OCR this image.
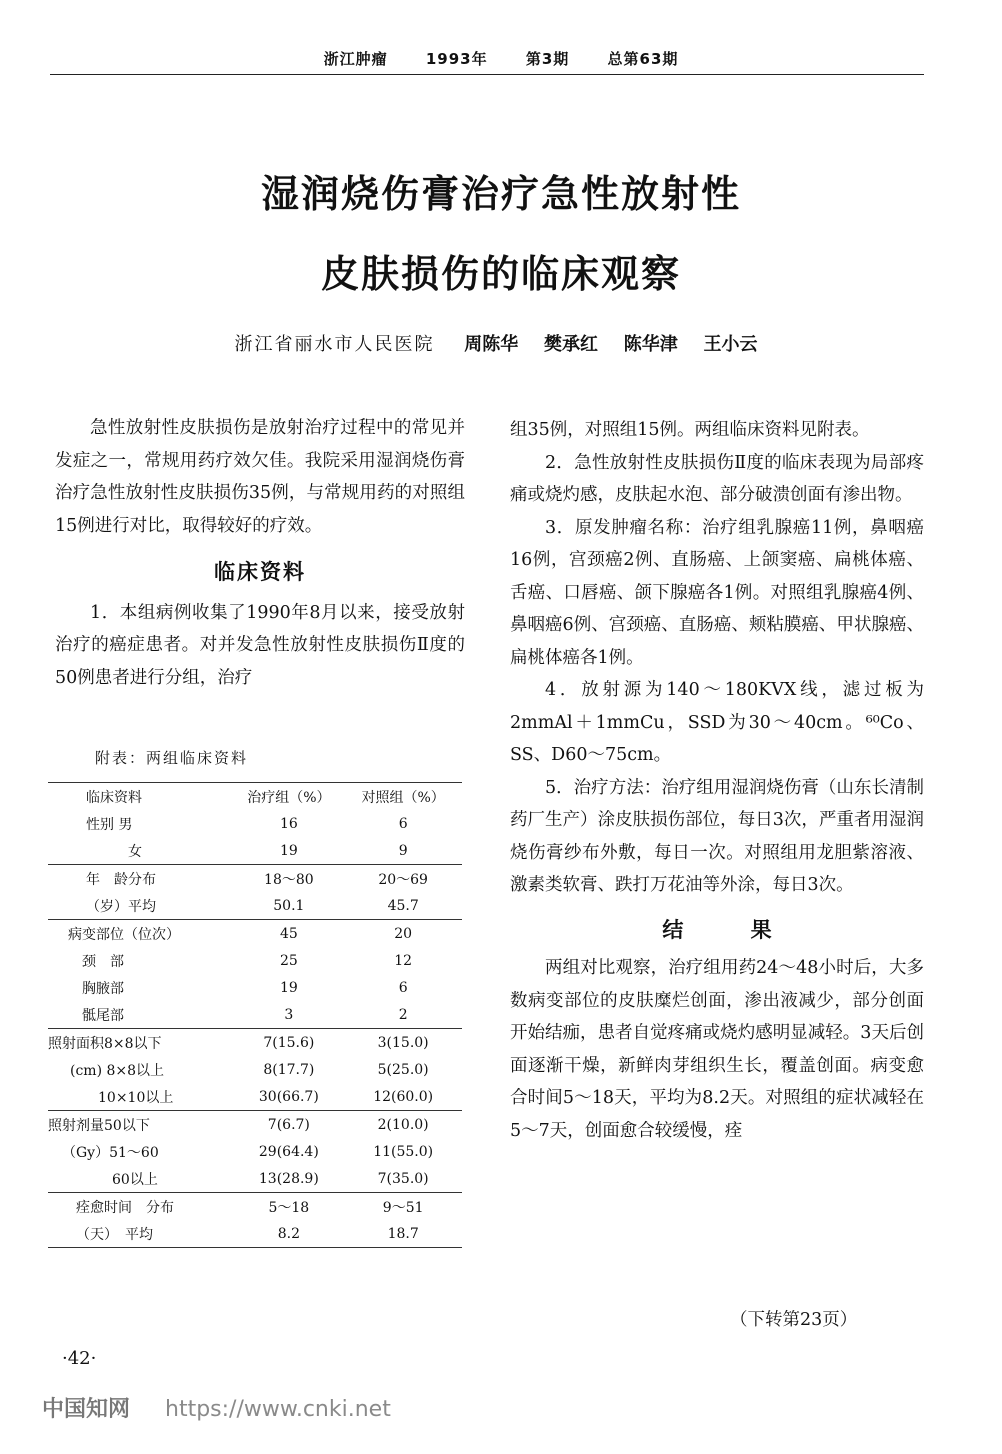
浙江肿瘤	1993年	第3期	总第63期
湿润烧伤膏治疗急性放射性
皮肤损伤的临床观察
浙江省丽水市人民医院 周陈华 樊承红 陈华津 王小云

急性放射性皮肤损伤是放射治疗过程中的常见并发症之一，常规用药疗效欠佳。我院采用湿润烧伤膏治疗急性放射性皮肤损伤35例，与常规用药的对照组15例进行对比，取得较好的疗效。

临床资料

1．本组病例收集了1990年8月以来，接受放射治疗的癌症患者。对并发急性放射性皮肤损伤Ⅱ度的50例患者进行分组，治疗

附表：两组临床资料
临床资料	治疗组（%）	对照组（%）
性别 男	16	6
　　　女	19	9
年　龄分布	18～80	20～69
（岁）平均	50.1	45.7
病变部位（位次）	45	20
　颈　部	25	12
　胸腋部	19	6
　骶尾部	3	2
照射面积8×8以下	7(15.6)	3(15.0)
　(cm) 8×8以上	8(17.7)	5(25.0)
　　10×10以上	30(66.7)	12(60.0)
照射剂量50以下	7(6.7)	2(10.0)
（Gy）51～60	29(64.4)	11(55.0)
　　　60以上	13(28.9)	7(35.0)
痊愈时间　分布	5～18	9～51
（天）　平均	8.2	18.7

组35例，对照组15例。两组临床资料见附表。

2．急性放射性皮肤损伤Ⅱ度的临床表现为局部疼痛或烧灼感，皮肤起水泡、部分破溃创面有渗出物。

3．原发肿瘤名称：治疗组乳腺癌11例，鼻咽癌16例，宫颈癌2例、直肠癌、上颌窦癌、扁桃体癌、舌癌、口唇癌、颌下腺癌各1例。对照组乳腺癌4例、鼻咽癌6例、宫颈癌、直肠癌、颊粘膜癌、甲状腺癌、扁桃体癌各1例。

4．放射源为140～180KVX线，滤过板为2mmAl＋1mmCu，SSD为30～40cm。⁶⁰Co、SS、D60～75cm。

5．治疗方法：治疗组用湿润烧伤膏（山东长清制药厂生产）涂皮肤损伤部位，每日3次，严重者用湿润烧伤膏纱布外敷，每日一次。对照组用龙胆紫溶液、激素类软膏、跌打万花油等外涂，每日3次。

结 果

两组对比观察，治疗组用药24～48小时后，大多数病变部位的皮肤糜烂创面，渗出液减少，部分创面开始结痂，患者自觉疼痛或烧灼感明显减轻。3天后创面逐渐干燥，新鲜肉芽组织生长，覆盖创面。病变愈合时间5～18天，平均为8.2天。对照组的症状减轻在5～7天，创面愈合较缓慢，痊

（下转第23页）
·42·
中国知网 https://www.cnki.net
